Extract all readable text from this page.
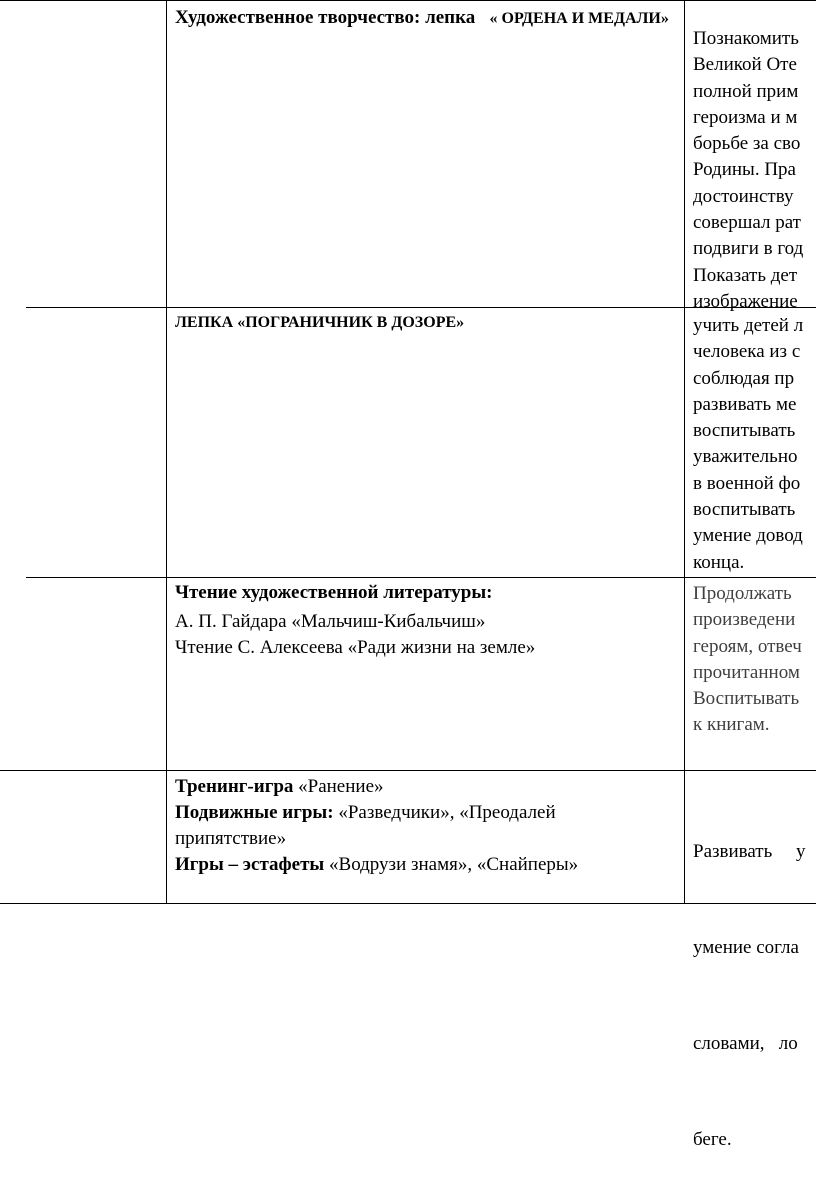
Художественное творчество: лепка « ОРДЕНА И МЕДАЛИ»
Познакомить
Великой Оте
полной прим
героизма и м
борьбе за сво
Родины. Пра
достоинству
совершал рат
подвиги в год
Показать дет
изображение
ЛЕПКА «ПОГРАНИЧНИК В ДОЗОРЕ»	учить детей л
человека из с
соблюдая пр
развивать ме
воспитывать
уважительно
в военной фо
воспитывать
умение довод
конца.
Чтение художественной литературы:
А. П. Гайдара «Мальчиш-Кибальчиш»
Чтение С. Алексеева «Ради жизни на земле»
Продолжать
произведени
героям, отвеч
прочитанном
Воспитывать
к книгам.
Тренинг-игра «Ранение»
Подвижные игры: «Разведчики», «Преодалей
припятствие»
Игры – эстафеты «Водрузи знамя», «Снайперы»

Развивать     у

умение согла

словами,   ло

беге.
